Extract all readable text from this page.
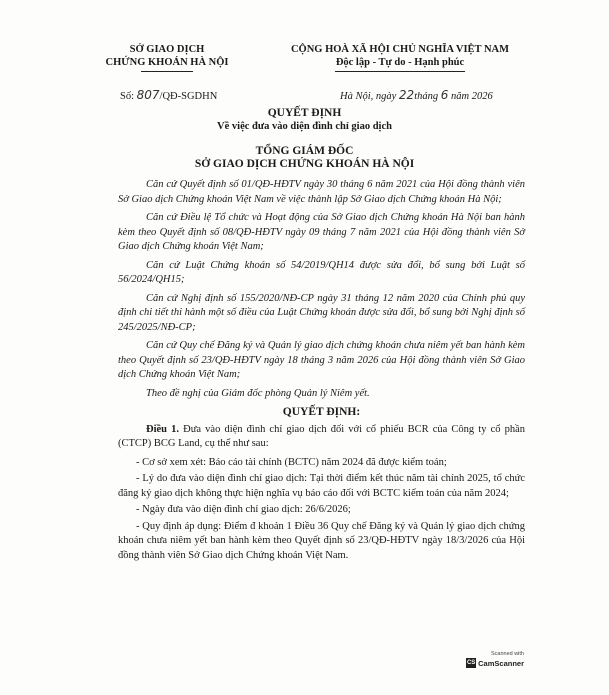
SỞ GIAO DỊCH
CHỨNG KHOÁN HÀ NỘI
CỘNG HOÀ XÃ HỘI CHỦ NGHĨA VIỆT NAM
Độc lập - Tự do - Hạnh phúc
Số: 807/QĐ-SGDHN	Hà Nội, ngày 22tháng 6 năm 2026
QUYẾT ĐỊNH
Về việc đưa vào diện đình chỉ giao dịch
TỔNG GIÁM ĐỐC
SỞ GIAO DỊCH CHỨNG KHOÁN HÀ NỘI

Căn cứ Quyết định số 01/QĐ-HĐTV ngày 30 tháng 6 năm 2021 của Hội đồng thành viên Sở Giao dịch Chứng khoán Việt Nam về việc thành lập Sở Giao dịch Chứng khoán Hà Nội;

Căn cứ Điều lệ Tổ chức và Hoạt động của Sở Giao dịch Chứng khoán Hà Nội ban hành kèm theo Quyết định số 08/QĐ-HĐTV ngày 09 tháng 7 năm 2021 của Hội đồng thành viên Sở Giao dịch Chứng khoán Việt Nam;

Căn cứ Luật Chứng khoán số 54/2019/QH14 được sửa đổi, bổ sung bởi Luật số 56/2024/QH15;

Căn cứ Nghị định số 155/2020/NĐ-CP ngày 31 tháng 12 năm 2020 của Chính phủ quy định chi tiết thi hành một số điều của Luật Chứng khoán được sửa đổi, bổ sung bởi Nghị định số 245/2025/NĐ-CP;

Căn cứ Quy chế Đăng ký và Quản lý giao dịch chứng khoán chưa niêm yết ban hành kèm theo Quyết định số 23/QĐ-HĐTV ngày 18 tháng 3 năm 2026 của Hội đồng thành viên Sở Giao dịch Chứng khoán Việt Nam;

Theo đề nghị của Giám đốc phòng Quản lý Niêm yết.

QUYẾT ĐỊNH:

Điều 1. Đưa vào diện đình chỉ giao dịch đối với cổ phiếu BCR của Công ty cổ phần (CTCP) BCG Land, cụ thể như sau:

- Cơ sở xem xét: Báo cáo tài chính (BCTC) năm 2024 đã được kiểm toán;

- Lý do đưa vào diện đình chỉ giao dịch: Tại thời điểm kết thúc năm tài chính 2025, tổ chức đăng ký giao dịch không thực hiện nghĩa vụ báo cáo đối với BCTC kiểm toán của năm 2024;

- Ngày đưa vào diện đình chỉ giao dịch: 26/6/2026;

- Quy định áp dụng: Điểm đ khoản 1 Điều 36 Quy chế Đăng ký và Quản lý giao dịch chứng khoán chưa niêm yết ban hành kèm theo Quyết định số 23/QĐ-HĐTV ngày 18/3/2026 của Hội đồng thành viên Sở Giao dịch Chứng khoán Việt Nam.

Scanned with
CS CamScanner
